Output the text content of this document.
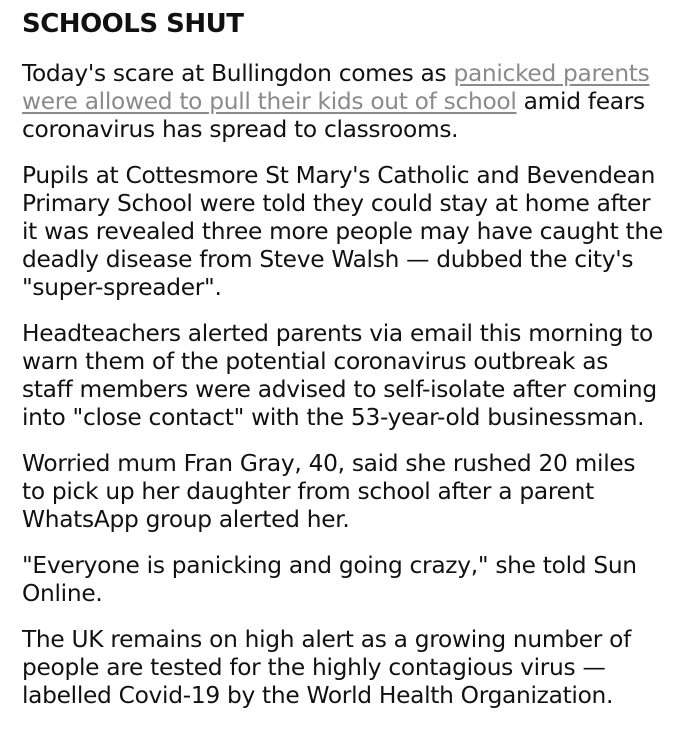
SCHOOLS SHUT

Today's scare at Bullingdon comes as panicked parents were allowed to pull their kids out of school amid fears coronavirus has spread to classrooms.

Pupils at Cottesmore St Mary's Catholic and Bevendean Primary School were told they could stay at home after it was revealed three more people may have caught the deadly disease from Steve Walsh — dubbed the city's "super-spreader".

Headteachers alerted parents via email this morning to warn them of the potential coronavirus outbreak as staff members were advised to self-isolate after coming into "close contact" with the 53-year-old businessman.

Worried mum Fran Gray, 40, said she rushed 20 miles to pick up her daughter from school after a parent WhatsApp group alerted her.

"Everyone is panicking and going crazy," she told Sun Online.

The UK remains on high alert as a growing number of people are tested for the highly contagious virus — labelled Covid-19 by the World Health Organization.
